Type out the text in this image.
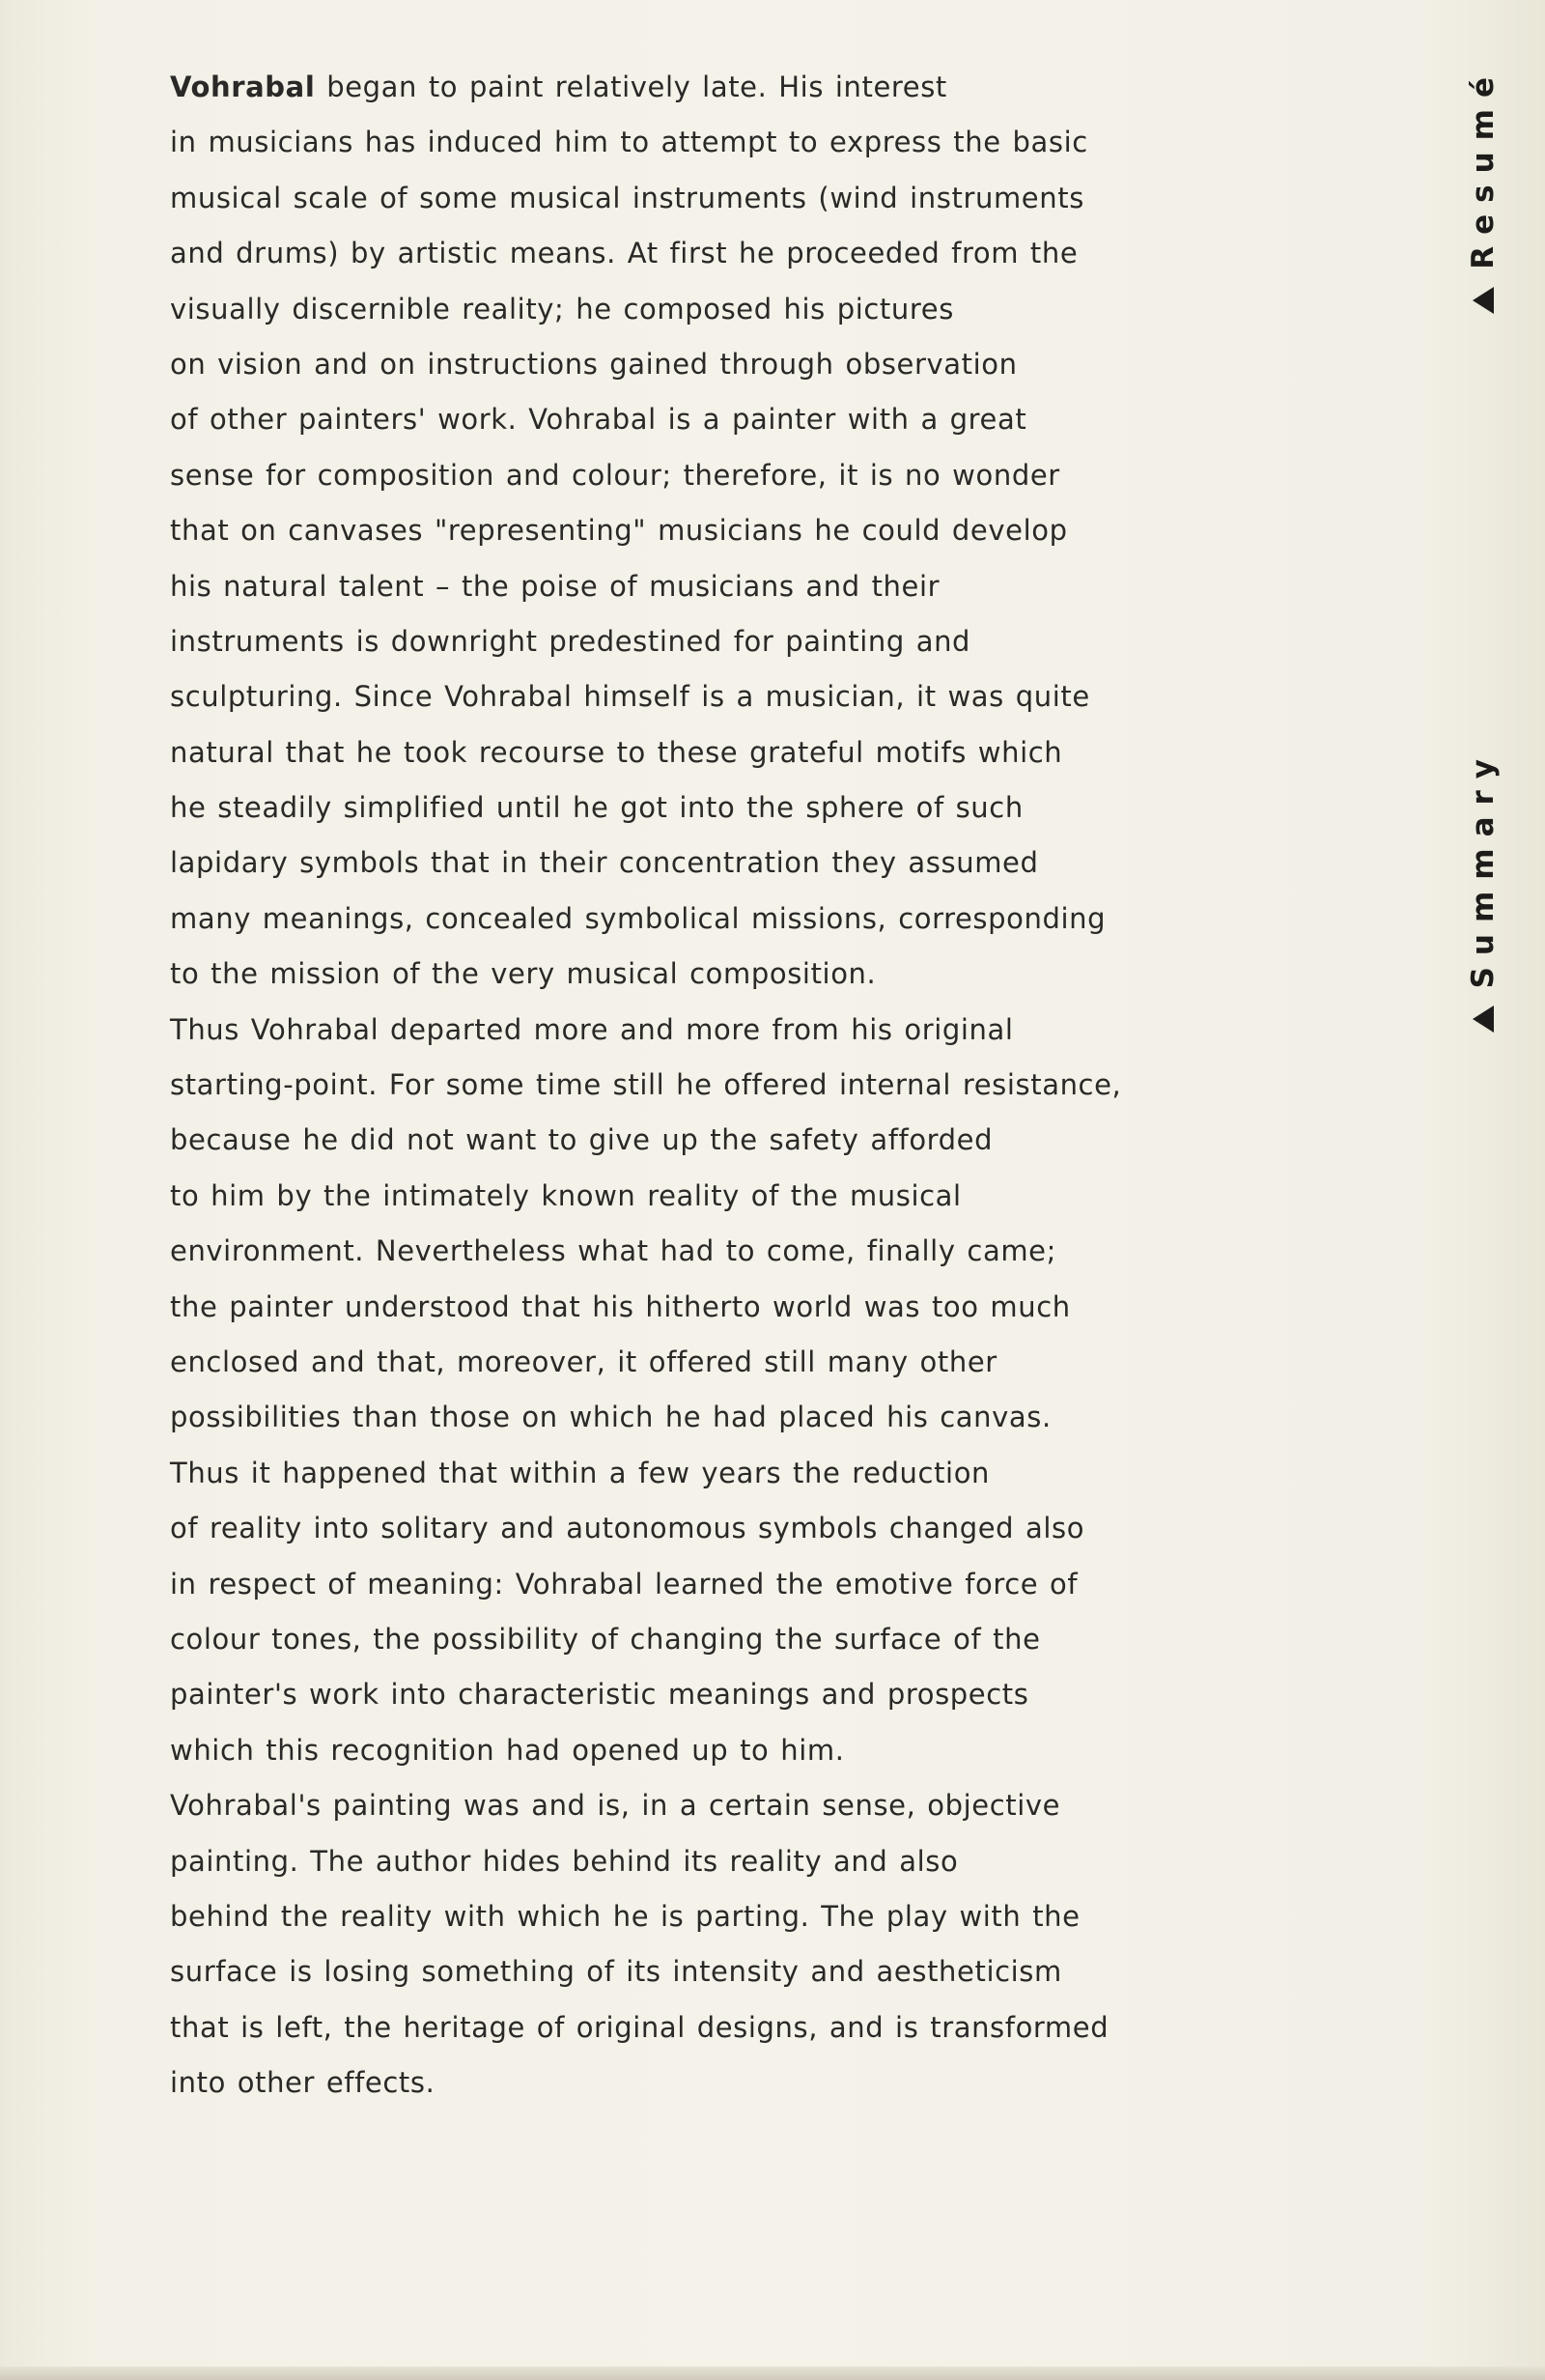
Vohrabal began to paint relatively late. His interest
in musicians has induced him to attempt to express the basic
musical scale of some musical instruments (wind instruments
and drums) by artistic means. At first he proceeded from the
visually discernible reality; he composed his pictures
on vision and on instructions gained through observation
of other painters' work. Vohrabal is a painter with a great
sense for composition and colour; therefore, it is no wonder
that on canvases "representing" musicians he could develop
his natural talent – the poise of musicians and their
instruments is downright predestined for painting and
sculpturing. Since Vohrabal himself is a musician, it was quite
natural that he took recourse to these grateful motifs which
he steadily simplified until he got into the sphere of such
lapidary symbols that in their concentration they assumed
many meanings, concealed symbolical missions, corresponding
to the mission of the very musical composition.
Thus Vohrabal departed more and more from his original
starting-point. For some time still he offered internal resistance,
because he did not want to give up the safety afforded
to him by the intimately known reality of the musical
environment. Nevertheless what had to come, finally came;
the painter understood that his hitherto world was too much
enclosed and that, moreover, it offered still many other
possibilities than those on which he had placed his canvas.
Thus it happened that within a few years the reduction
of reality into solitary and autonomous symbols changed also
in respect of meaning: Vohrabal learned the emotive force of
colour tones, the possibility of changing the surface of the
painter's work into characteristic meanings and prospects
which this recognition had opened up to him.
Vohrabal's painting was and is, in a certain sense, objective
painting. The author hides behind its reality and also
behind the reality with which he is parting. The play with the
surface is losing something of its intensity and aestheticism
that is left, the heritage of original designs, and is transformed
into other effects.
Resumé
Summary
